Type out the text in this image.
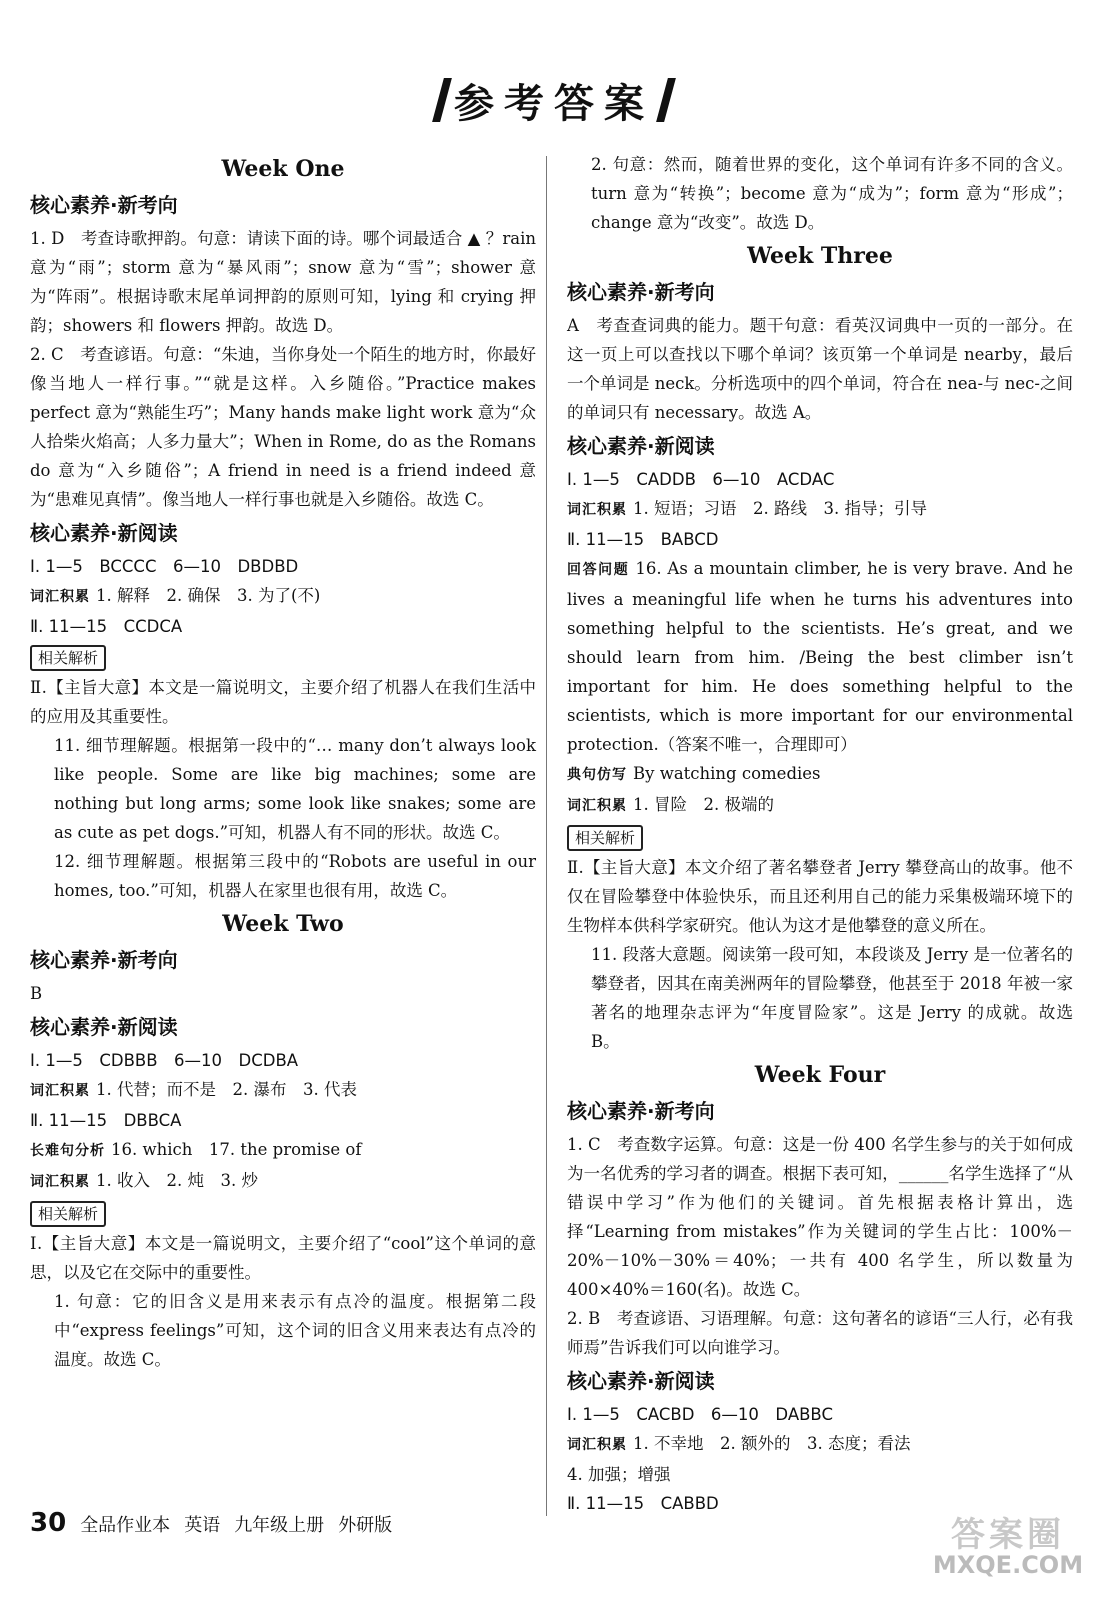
参考答案
Week One
核心素养·新考向

1. D　考查诗歌押韵。句意：请读下面的诗。哪个词最适合 ▲ ？rain 意为“雨”；storm 意为“暴风雨”；snow 意为“雪”；shower 意为“阵雨”。根据诗歌末尾单词押韵的原则可知，lying 和 crying 押韵；showers 和 flowers 押韵。故选 D。

2. C　考查谚语。句意：“朱迪，当你身处一个陌生的地方时，你最好像当地人一样行事。”“就是这样。入乡随俗。”Practice makes perfect 意为“熟能生巧”；Many hands make light work 意为“众人拾柴火焰高；人多力量大”；When in Rome, do as the Romans do 意为“入乡随俗”；A friend in need is a friend indeed 意为“患难见真情”。像当地人一样行事也就是入乡随俗。故选 C。

核心素养·新阅读

Ⅰ. 1—5　BCCCC　6—10　DBDBD

词汇积累 1. 解释　2. 确保　3. 为了(不)

Ⅱ. 11—15　CCDCA

相关解析

Ⅱ.【主旨大意】本文是一篇说明文，主要介绍了机器人在我们生活中的应用及其重要性。

11. 细节理解题。根据第一段中的“… many don’t always look like people. Some are like big machines; some are nothing but long arms; some look like snakes; some are as cute as pet dogs.”可知，机器人有不同的形状。故选 C。

12. 细节理解题。根据第三段中的“Robots are useful in our homes, too.”可知，机器人在家里也很有用，故选 C。

Week Two
核心素养·新考向

B

核心素养·新阅读

Ⅰ. 1—5　CDBBB　6—10　DCDBA

词汇积累 1. 代替；而不是　2. 瀑布　3. 代表

Ⅱ. 11—15　DBBCA

长难句分析 16. which　17. the promise of

词汇积累 1. 收入　2. 炖　3. 炒

相关解析

Ⅰ.【主旨大意】本文是一篇说明文，主要介绍了“cool”这个单词的意思，以及它在交际中的重要性。

1. 句意：它的旧含义是用来表示有点冷的温度。根据第二段中“express feelings”可知，这个词的旧含义用来表达有点冷的温度。故选 C。

2. 句意：然而，随着世界的变化，这个单词有许多不同的含义。turn 意为“转换”；become 意为“成为”；form 意为“形成”；change 意为“改变”。故选 D。

Week Three
核心素养·新考向

A　考查查词典的能力。题干句意：看英汉词典中一页的一部分。在这一页上可以查找以下哪个单词？该页第一个单词是 nearby，最后一个单词是 neck。分析选项中的四个单词，符合在 nea-与 nec-之间的单词只有 necessary。故选 A。

核心素养·新阅读

Ⅰ. 1—5　CADDB　6—10　ACDAC

词汇积累 1. 短语；习语　2. 路线　3. 指导；引导

Ⅱ. 11—15　BABCD

回答问题 16. As a mountain climber, he is very brave. And he lives a meaningful life when he turns his adventures into something helpful to the scientists. He’s great, and we should learn from him. /Being the best climber isn’t important for him. He does something helpful to the scientists, which is more important for our environmental protection.（答案不唯一，合理即可）

典句仿写 By watching comedies

词汇积累 1. 冒险　2. 极端的

相关解析

Ⅱ.【主旨大意】本文介绍了著名攀登者 Jerry 攀登高山的故事。他不仅在冒险攀登中体验快乐，而且还利用自己的能力采集极端环境下的生物样本供科学家研究。他认为这才是他攀登的意义所在。

11. 段落大意题。阅读第一段可知，本段谈及 Jerry 是一位著名的攀登者，因其在南美洲两年的冒险攀登，他甚至于 2018 年被一家著名的地理杂志评为“年度冒险家”。这是 Jerry 的成就。故选 B。

Week Four
核心素养·新考向

1. C　考查数字运算。句意：这是一份 400 名学生参与的关于如何成为一名优秀的学习者的调查。根据下表可知，______名学生选择了“从错误中学习”作为他们的关键词。首先根据表格计算出，选择“Learning from mistakes”作为关键词的学生占比：100%－20%－10%－30%＝40%；一共有 400 名学生，所以数量为 400×40%＝160(名)。故选 C。

2. B　考查谚语、习语理解。句意：这句著名的谚语“三人行，必有我师焉”告诉我们可以向谁学习。

核心素养·新阅读

Ⅰ. 1—5　CACBD　6—10　DABBC

词汇积累 1. 不幸地　2. 额外的　3. 态度；看法

4. 加强；增强

Ⅱ. 11—15　CABBD

30 全品作业本 英语 九年级上册 外研版	答案圈
MXQE.COM
